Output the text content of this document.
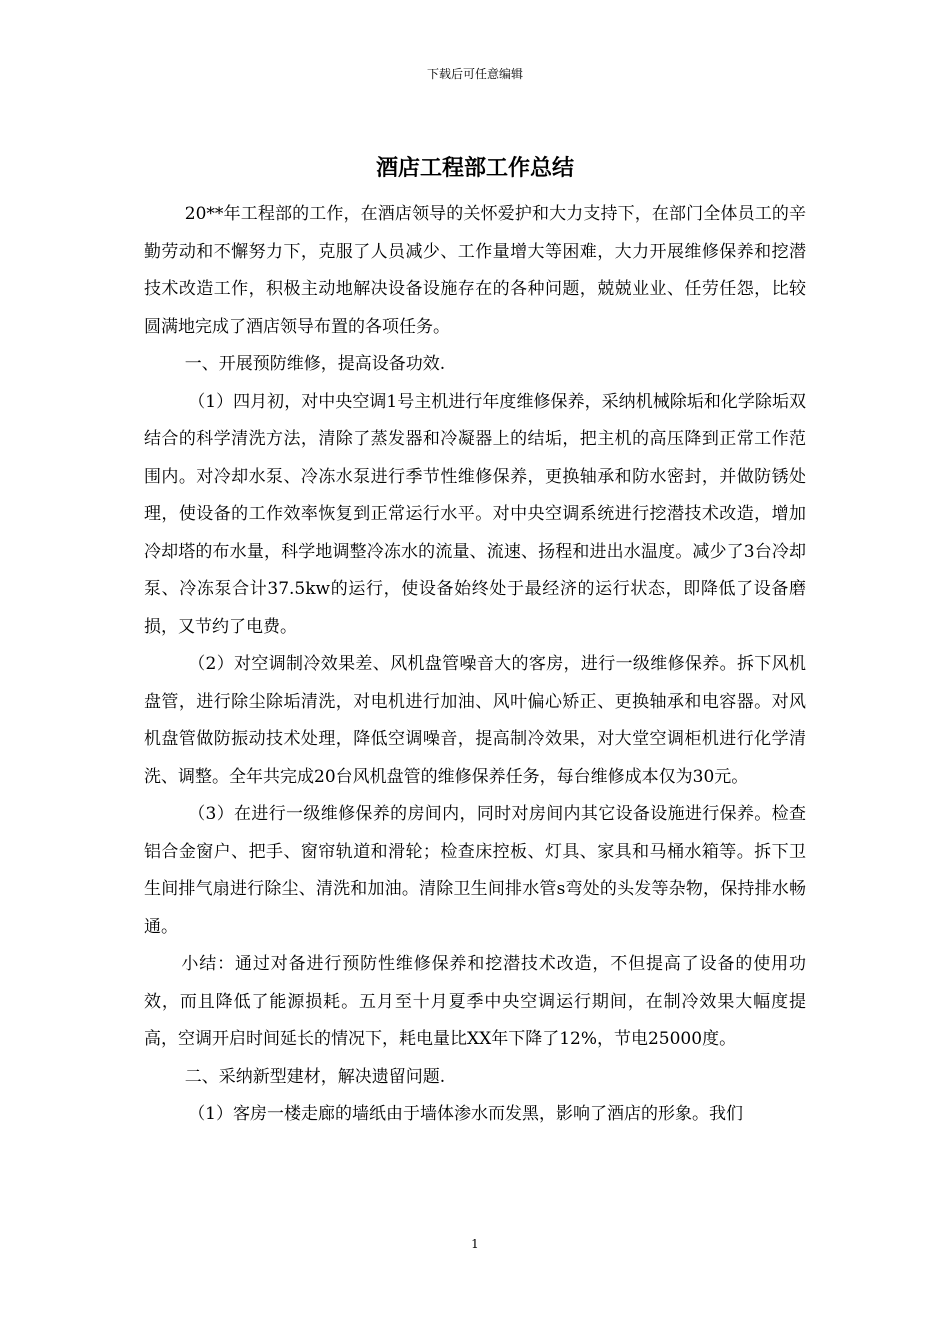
下载后可任意编辑
酒店工程部工作总结

20**年工程部的工作，在酒店领导的关怀爱护和大力支持下，在部门全体员工的辛勤劳动和不懈努力下，克服了人员减少、工作量增大等困难，大力开展维修保养和挖潜技术改造工作，积极主动地解决设备设施存在的各种问题，兢兢业业、任劳任怨，比较圆满地完成了酒店领导布置的各项任务。

一、开展预防维修，提高设备功效.

（1）四月初，对中央空调1号主机进行年度维修保养，采纳机械除垢和化学除垢双结合的科学清洗方法，清除了蒸发器和冷凝器上的结垢，把主机的高压降到正常工作范围内。对冷却水泵、冷冻水泵进行季节性维修保养，更换轴承和防水密封，并做防锈处理，使设备的工作效率恢复到正常运行水平。对中央空调系统进行挖潜技术改造，增加冷却塔的布水量，科学地调整冷冻水的流量、流速、扬程和进出水温度。减少了3台冷却泵、冷冻泵合计37.5kw的运行，使设备始终处于最经济的运行状态，即降低了设备磨损，又节约了电费。

（2）对空调制冷效果差、风机盘管噪音大的客房，进行一级维修保养。拆下风机盘管，进行除尘除垢清洗，对电机进行加油、风叶偏心矫正、更换轴承和电容器。对风机盘管做防振动技术处理，降低空调噪音，提高制冷效果，对大堂空调柜机进行化学清洗、调整。全年共完成20台风机盘管的维修保养任务，每台维修成本仅为30元。

（3）在进行一级维修保养的房间内，同时对房间内其它设备设施进行保养。检查铝合金窗户、把手、窗帘轨道和滑轮；检查床控板、灯具、家具和马桶水箱等。拆下卫生间排气扇进行除尘、清洗和加油。清除卫生间排水管s弯处的头发等杂物，保持排水畅通。

小结：通过对备进行预防性维修保养和挖潜技术改造，不但提高了设备的使用功效，而且降低了能源损耗。五月至十月夏季中央空调运行期间，在制冷效果大幅度提高，空调开启时间延长的情况下，耗电量比XX年下降了12%，节电25000度。

二、采纳新型建材，解决遗留问题.

（1）客房一楼走廊的墙纸由于墙体渗水而发黑，影响了酒店的形象。我们

1
